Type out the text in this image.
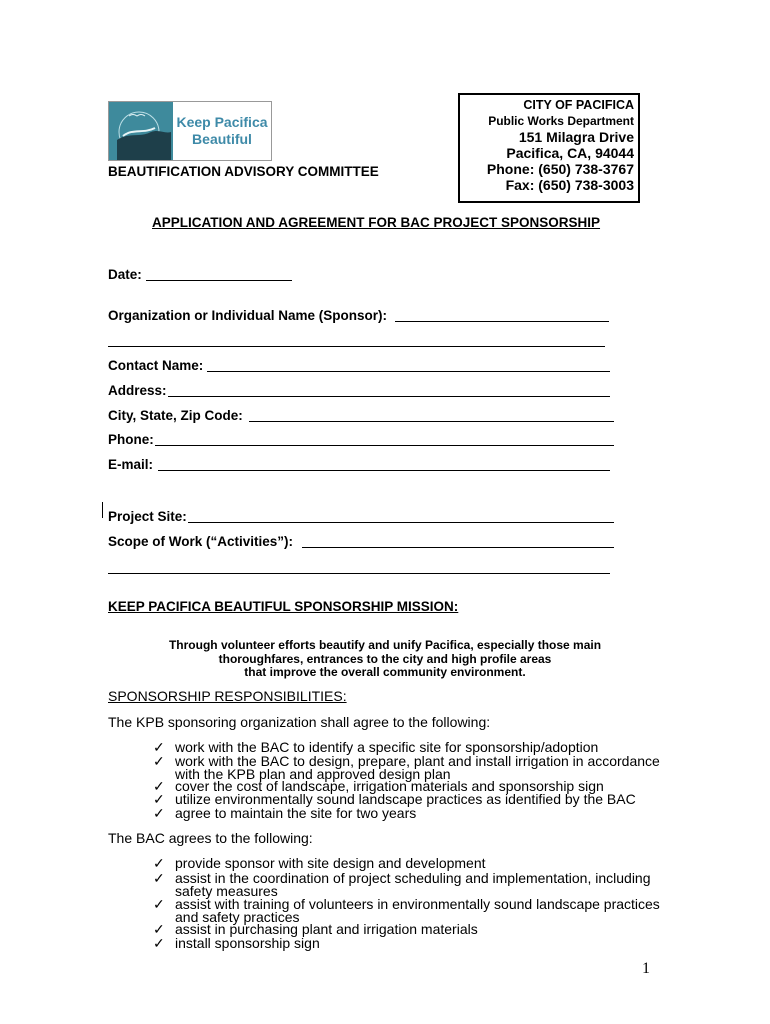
Keep Pacifica
Beautiful
BEAUTIFICATION ADVISORY COMMITTEE
CITY OF PACIFICA
Public Works Department
151 Milagra Drive
Pacifica, CA, 94044
Phone: (650) 738-3767
Fax: (650) 738-3003
APPLICATION AND AGREEMENT FOR BAC PROJECT SPONSORSHIP
Date:
Organization or Individual Name (Sponsor):
Contact Name:
Address:
City, State, Zip Code:
Phone:
E-mail:
Project Site:
Scope of Work (“Activities”):
KEEP PACIFICA BEAUTIFUL SPONSORSHIP MISSION:
Through volunteer efforts beautify and unify Pacifica, especially those main
thoroughfares, entrances to the city and high profile areas
that improve the overall community environment.
SPONSORSHIP RESPONSIBILITIES:
The KPB sponsoring organization shall agree to the following:
✓ work with the BAC to identify a specific site for sponsorship/adoption
✓ work with the BAC to design, prepare, plant and install irrigation in accordance
with the KPB plan and approved design plan
✓ cover the cost of landscape, irrigation materials and sponsorship sign
✓ utilize environmentally sound landscape practices as identified by the BAC
✓ agree to maintain the site for two years
The BAC agrees to the following:
✓ provide sponsor with site design and development
✓ assist in the coordination of project scheduling and implementation, including
safety measures
✓ assist with training of volunteers in environmentally sound landscape practices
and safety practices
✓ assist in purchasing plant and irrigation materials
✓ install sponsorship sign
1
